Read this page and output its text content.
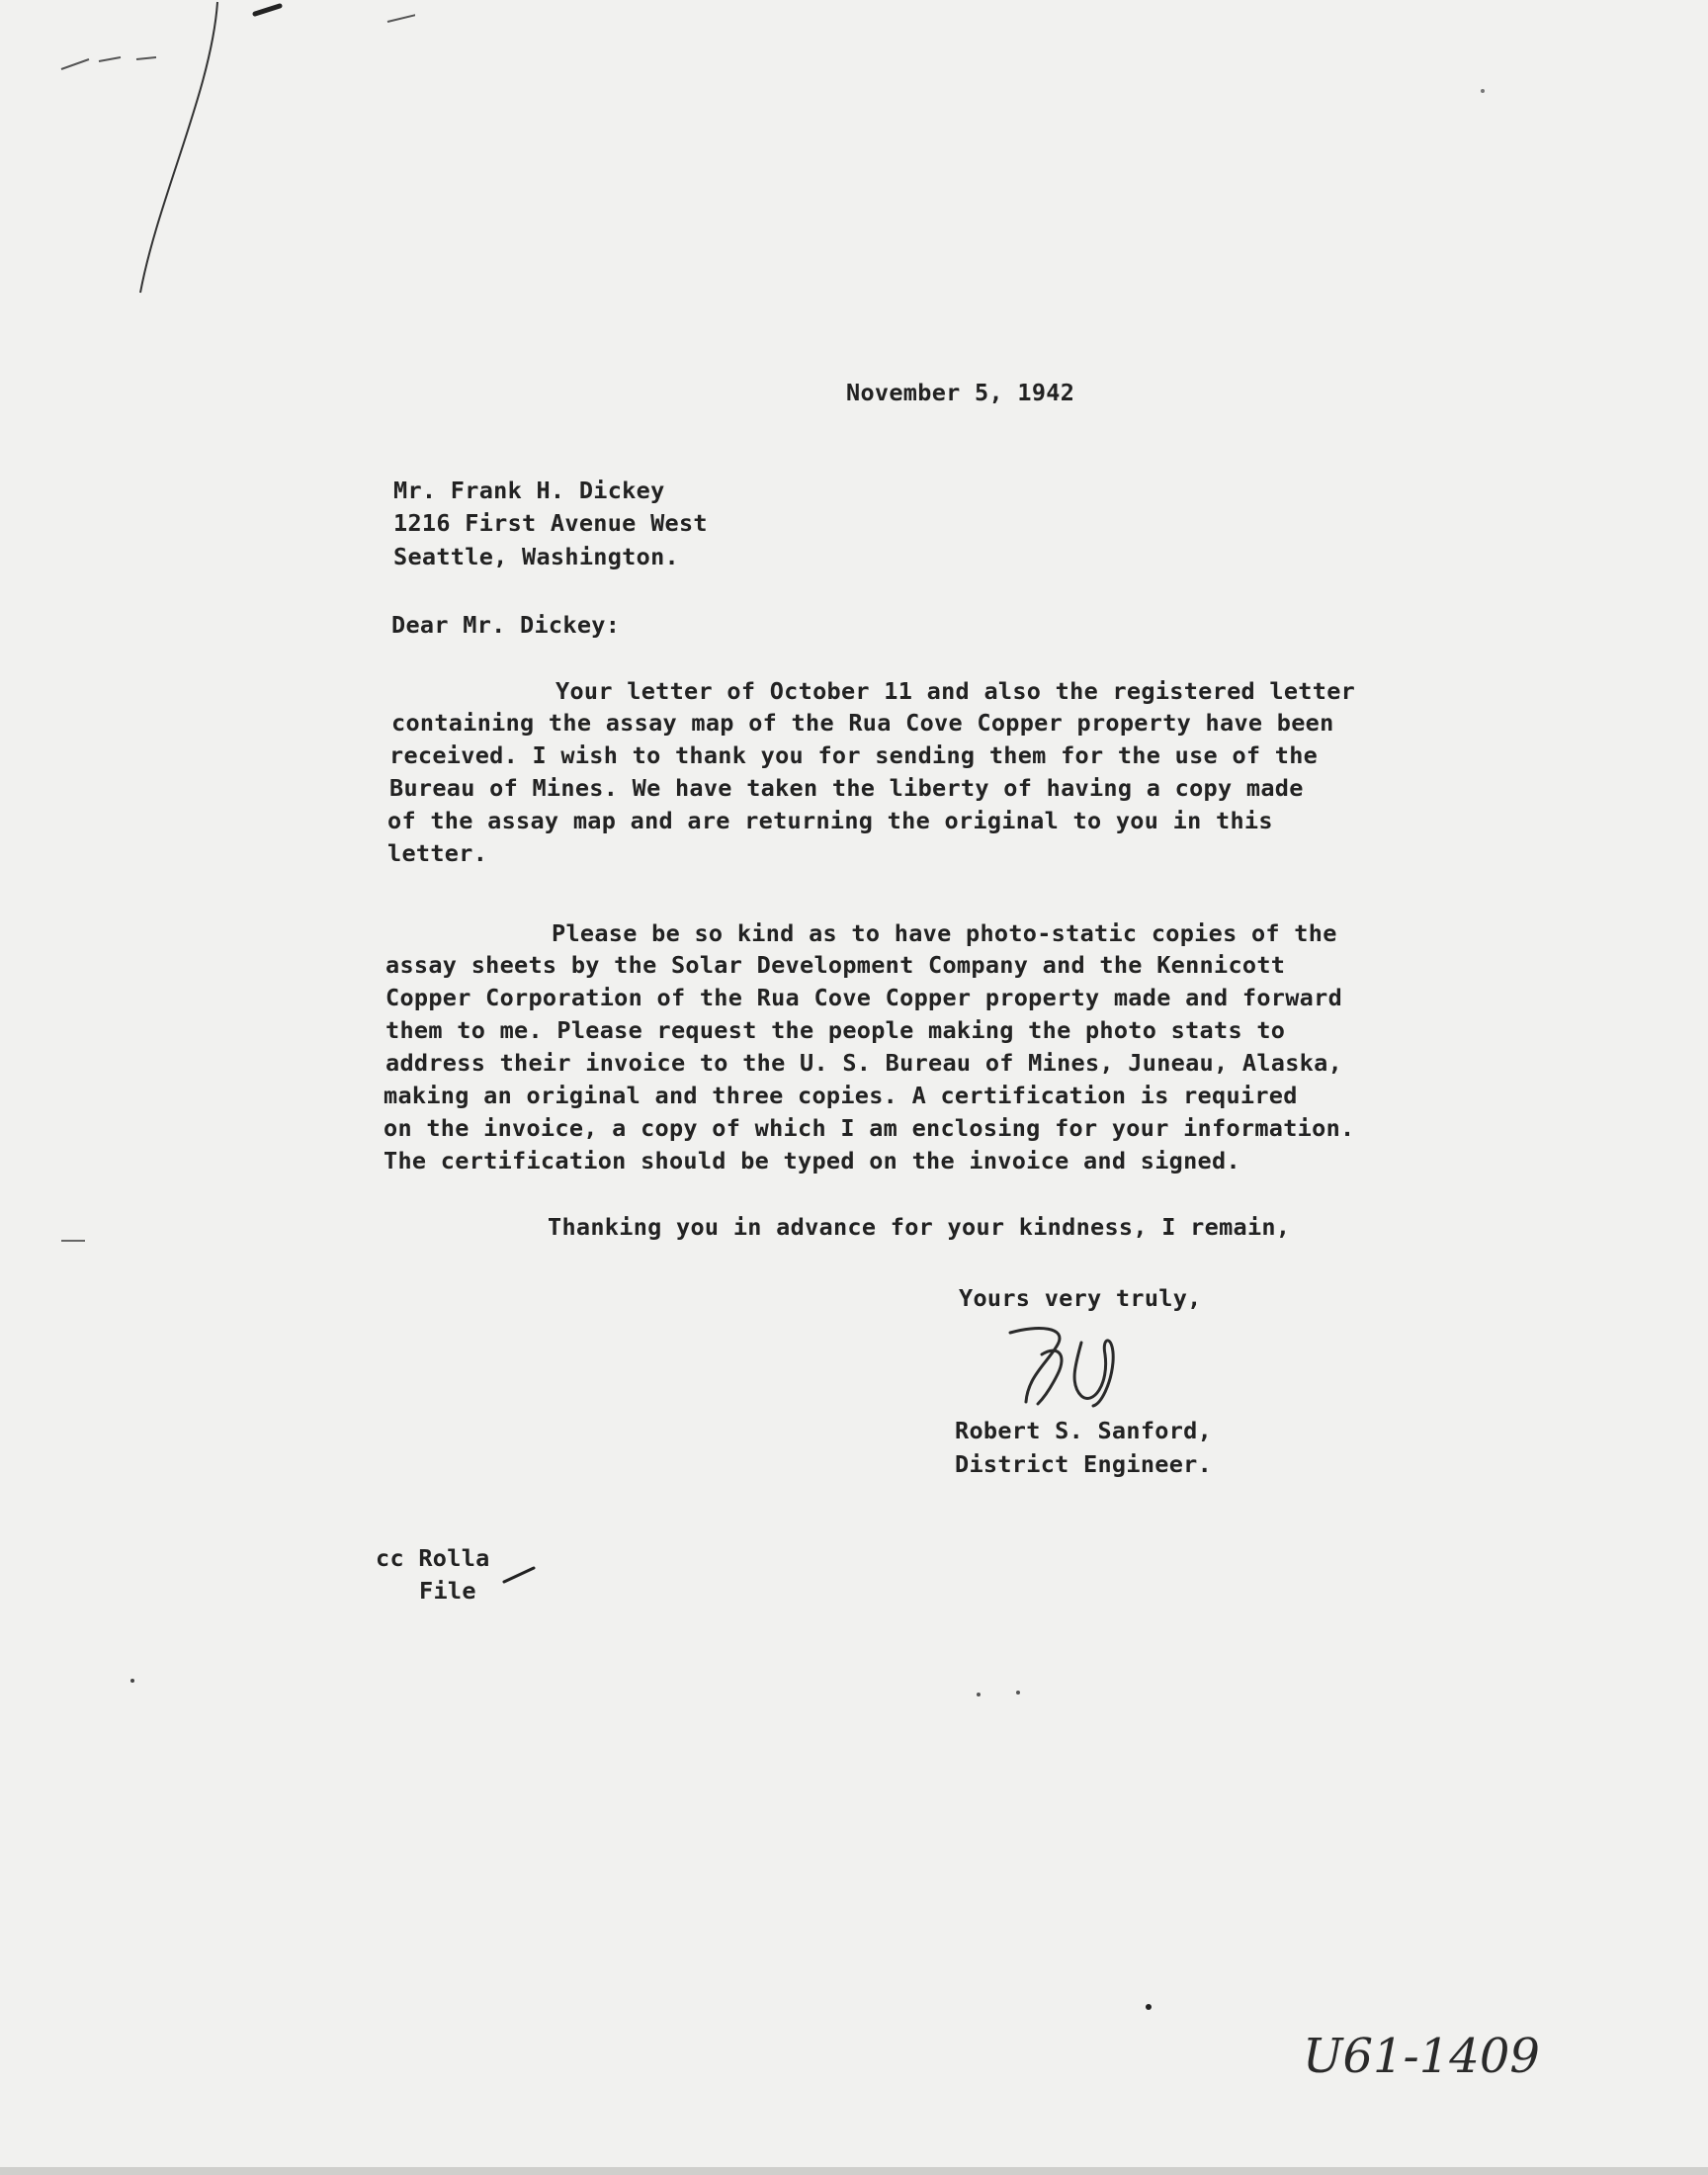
November 5, 1942
Mr. Frank H. Dickey
1216 First Avenue West
Seattle, Washington.
Dear Mr. Dickey:
Your letter of October 11 and also the registered letter
containing the assay map of the Rua Cove Copper property have been
received. I wish to thank you for sending them for the use of the
Bureau of Mines. We have taken the liberty of having a copy made
of the assay map and are returning the original to you in this
letter.
Please be so kind as to have photo-static copies of the
assay sheets by the Solar Development Company and the Kennicott
Copper Corporation of the Rua Cove Copper property made and forward
them to me. Please request the people making the photo stats to
address their invoice to the U. S. Bureau of Mines, Juneau, Alaska,
making an original and three copies. A certification is required
on the invoice, a copy of which I am enclosing for your information.
The certification should be typed on the invoice and signed.
Thanking you in advance for your kindness, I remain,
Yours very truly,
Robert S. Sanford,
District Engineer.
cc Rolla
File
U61-1409
